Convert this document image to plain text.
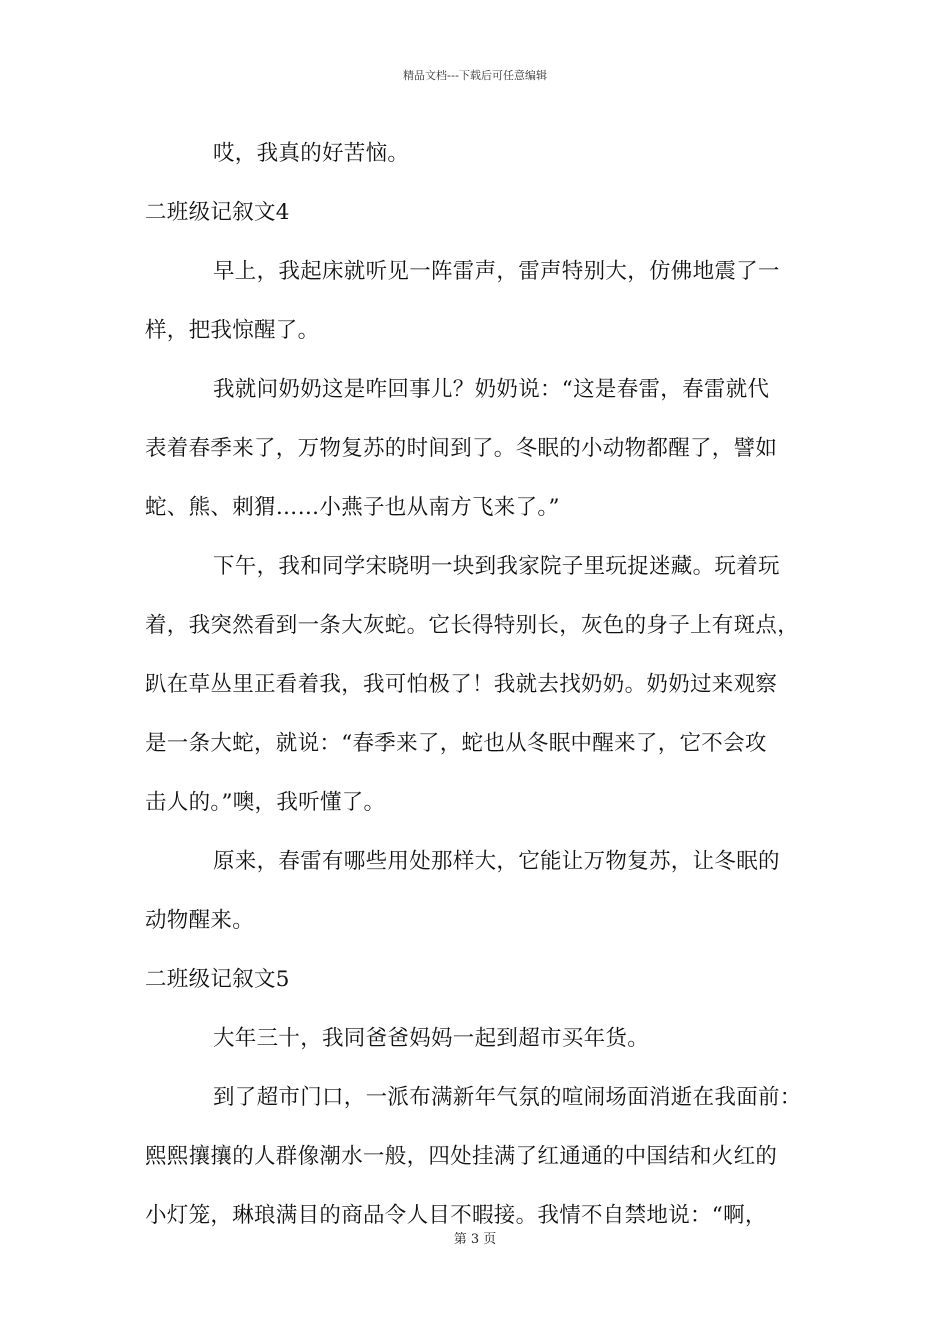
精品文档---下载后可任意编辑
哎，我真的好苦恼。
二班级记叙文4
早上，我起床就听见一阵雷声，雷声特别大，仿佛地震了一
样，把我惊醒了。
我就问奶奶这是咋回事儿？奶奶说：“这是春雷，春雷就代
表着春季来了，万物复苏的时间到了。冬眠的小动物都醒了，譬如
蛇、熊、刺猬……小燕子也从南方飞来了。”
下午，我和同学宋晓明一块到我家院子里玩捉迷藏。玩着玩
着，我突然看到一条大灰蛇。它长得特别长，灰色的身子上有斑点，
趴在草丛里正看着我，我可怕极了！我就去找奶奶。奶奶过来观察
是一条大蛇，就说：“春季来了，蛇也从冬眠中醒来了，它不会攻
击人的。”噢，我听懂了。
原来，春雷有哪些用处那样大，它能让万物复苏，让冬眠的
动物醒来。
二班级记叙文5
大年三十，我同爸爸妈妈一起到超市买年货。
到了超市门口，一派布满新年气氛的喧闹场面消逝在我面前：
熙熙攘攘的人群像潮水一般，四处挂满了红通通的中国结和火红的
小灯笼，琳琅满目的商品令人目不暇接。我情不自禁地说：“啊，
第 3 页
